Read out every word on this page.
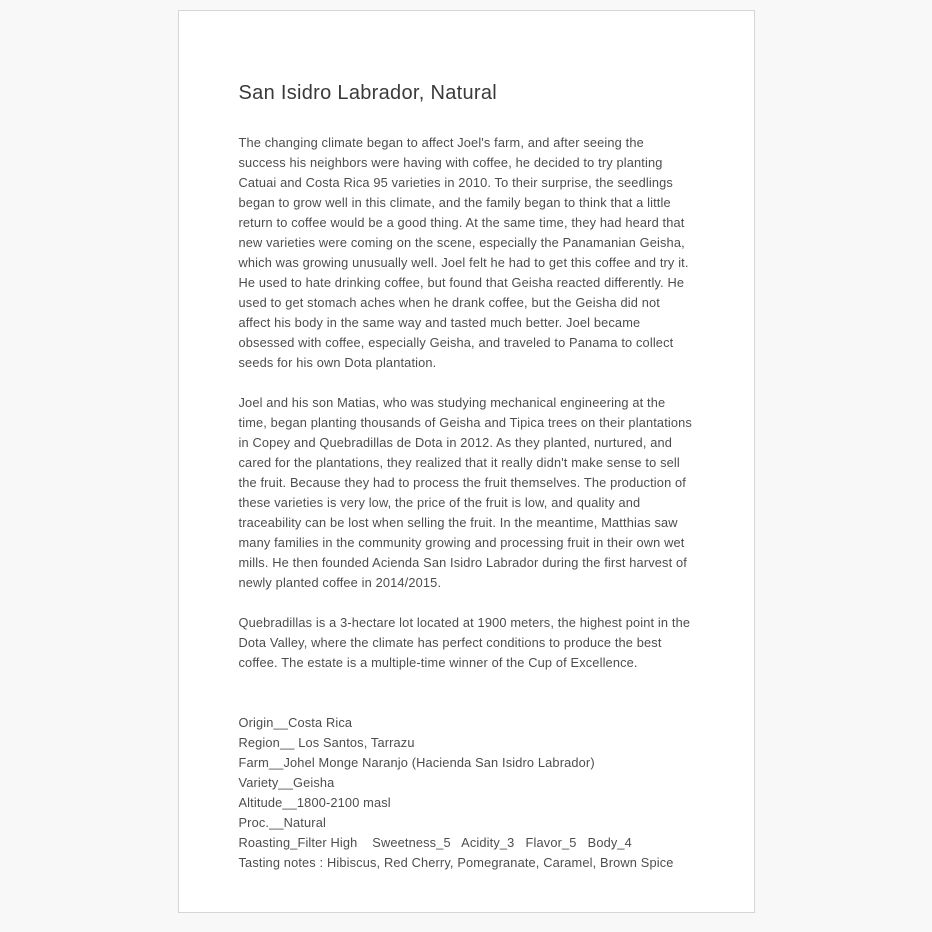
San Isidro Labrador, Natural

The changing climate began to affect Joel's farm, and after seeing the success his neighbors were having with coffee, he decided to try planting Catuai and Costa Rica 95 varieties in 2010. To their surprise, the seedlings began to grow well in this climate, and the family began to think that a little return to coffee would be a good thing. At the same time, they had heard that new varieties were coming on the scene, especially the Panamanian Geisha, which was growing unusually well. Joel felt he had to get this coffee and try it. He used to hate drinking coffee, but found that Geisha reacted differently. He used to get stomach aches when he drank coffee, but the Geisha did not affect his body in the same way and tasted much better. Joel became obsessed with coffee, especially Geisha, and traveled to Panama to collect seeds for his own Dota plantation.

Joel and his son Matias, who was studying mechanical engineering at the time, began planting thousands of Geisha and Tipica trees on their plantations in Copey and Quebradillas de Dota in 2012. As they planted, nurtured, and cared for the plantations, they realized that it really didn't make sense to sell the fruit. Because they had to process the fruit themselves. The production of these varieties is very low, the price of the fruit is low, and quality and traceability can be lost when selling the fruit. In the meantime, Matthias saw many families in the community growing and processing fruit in their own wet mills. He then founded Acienda San Isidro Labrador during the first harvest of newly planted coffee in 2014/2015.

Quebradillas is a 3-hectare lot located at 1900 meters, the highest point in the Dota Valley, where the climate has perfect conditions to produce the best coffee. The estate is a multiple-time winner of the Cup of Excellence.

Origin__Costa Rica
Region__ Los Santos, Tarrazu
Farm__Johel Monge Naranjo (Hacienda San Isidro Labrador)
Variety__Geisha
Altitude__1800-2100 masl
Proc.__Natural
Roasting_Filter High    Sweetness_5   Acidity_3   Flavor_5   Body_4
Tasting notes : Hibiscus, Red Cherry, Pomegranate, Caramel, Brown Spice
